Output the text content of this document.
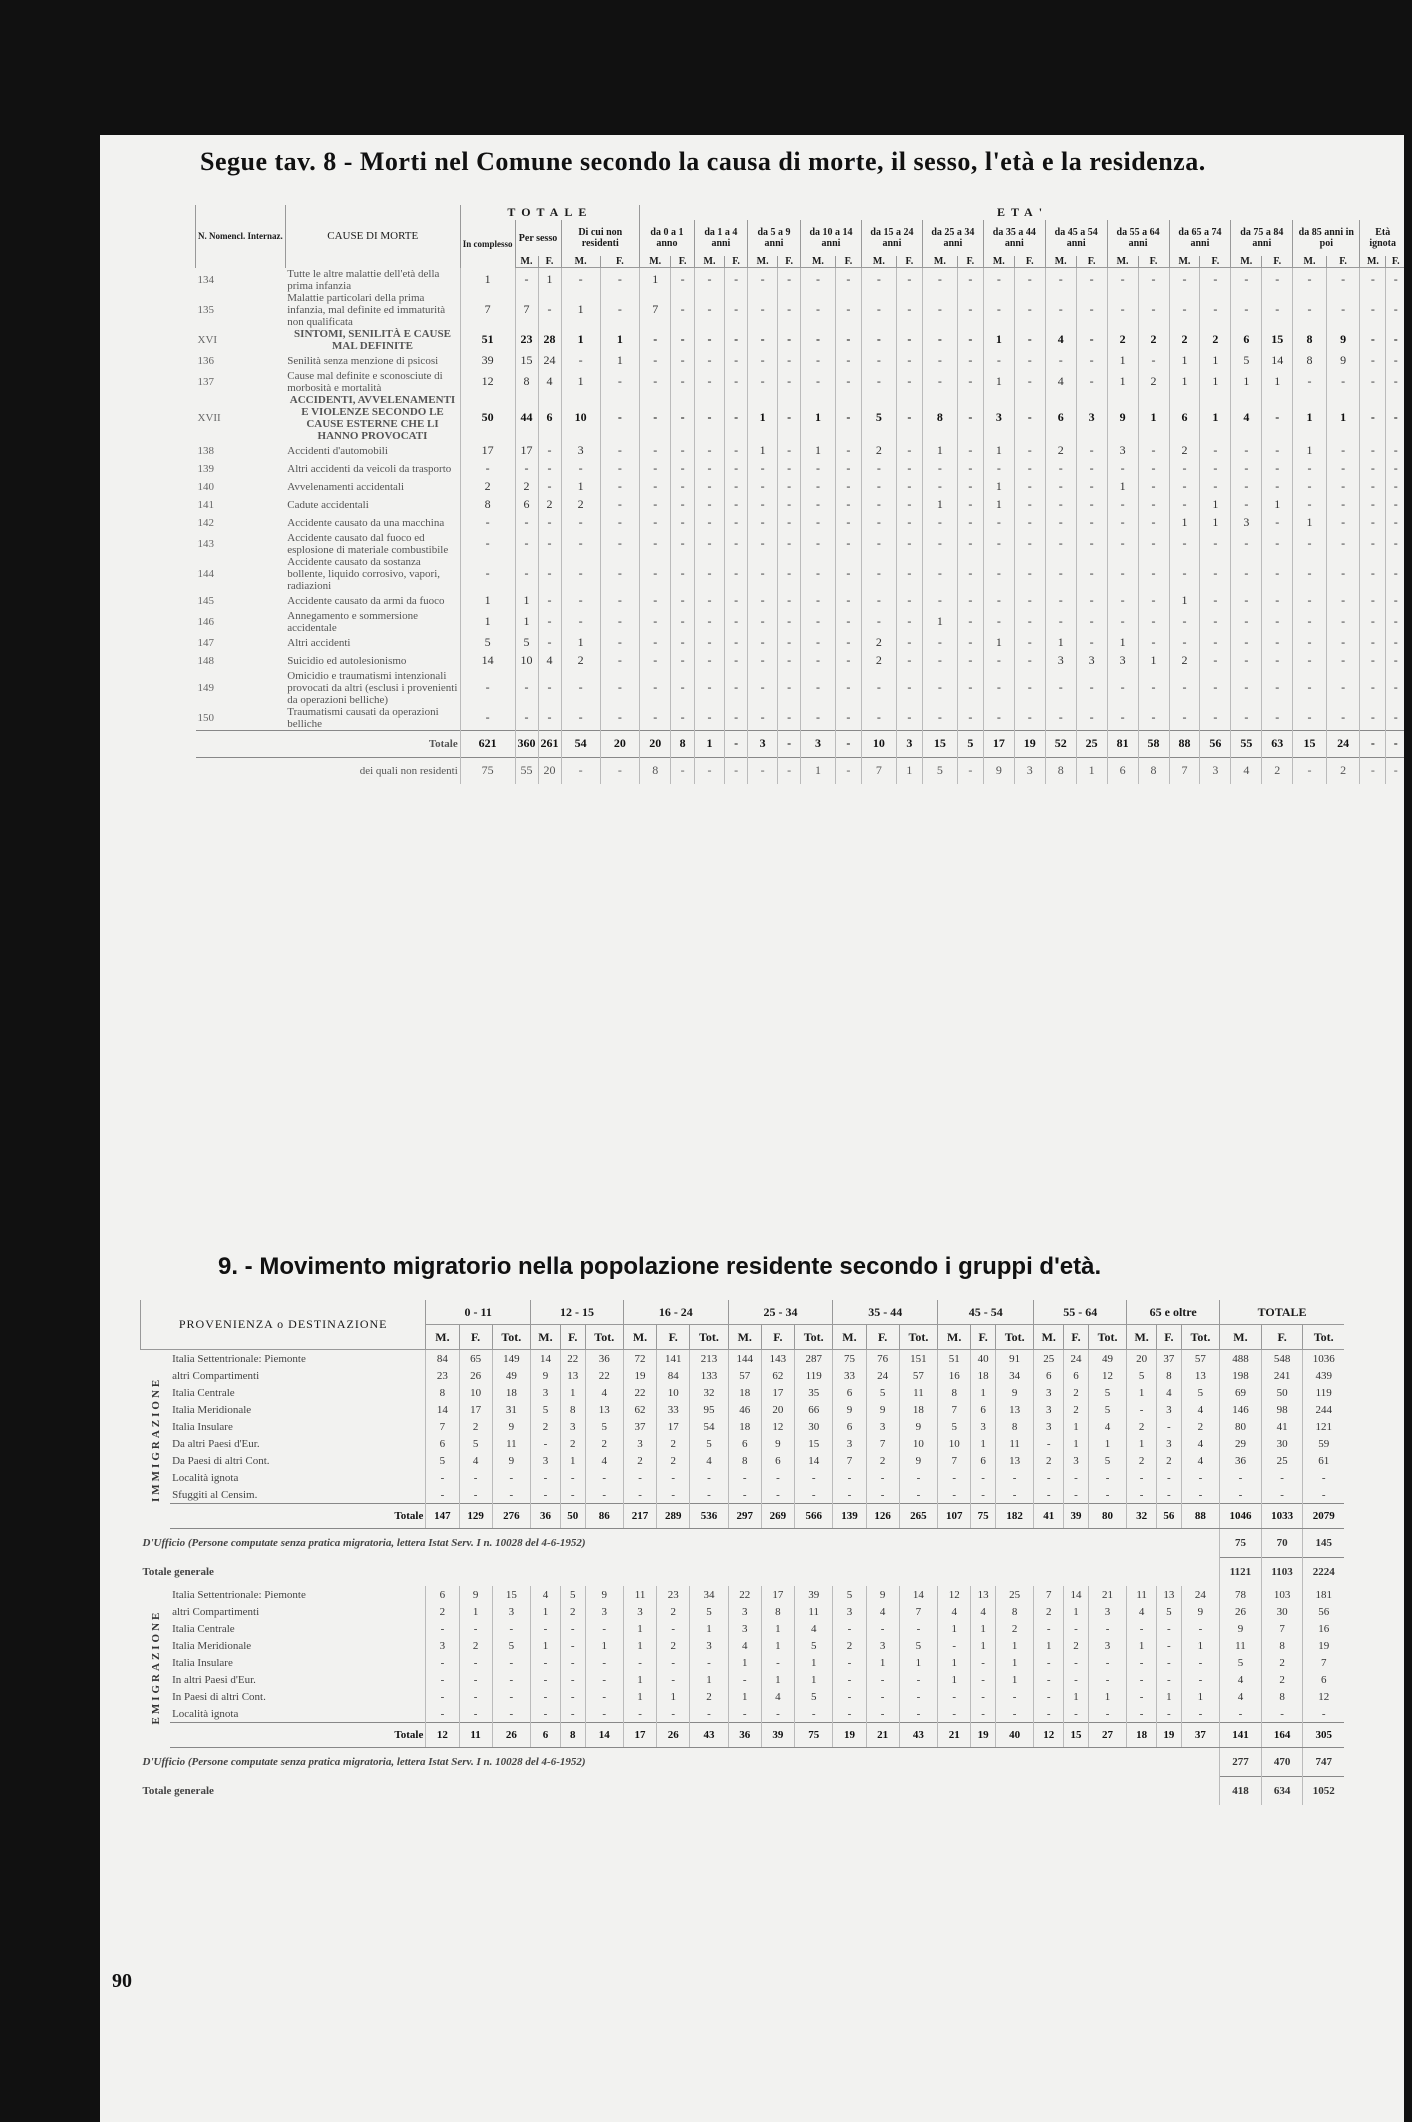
Segue tav. 8 - Morti nel Comune secondo la causa di morte, il sesso, l'età e la residenza.
N. Nomencl. Internaz.	CAUSE DI MORTE	TOTALE					ETA'																									
		In complesso	Per sesso		Di cui non residenti		da 0 a 1 anno		da 1 a 4 anni		da 5 a 9 anni		da 10 a 14 anni		da 15 a 24 anni		da 25 a 34 anni		da 35 a 44 anni		da 45 a 54 anni		da 55 a 64 anni		da 65 a 74 anni		da 75 a 84 anni		da 85 anni in poi		Età ignota	
			M.	F.	M.	F.	M.	F.	M.	F.	M.	F.	M.	F.	M.	F.	M.	F.	M.	F.	M.	F.	M.	F.	M.	F.	M.	F.	M.	F.	M.	F.
134	Tutte le altre malattie dell'età della prima infanzia	1	-	1	-	-	1	-	-	-	-	-	-	-	-	-	-	-	-	-	-	-	-	-	-	-	-	-	-	-	-	-
135	Malattie particolari della prima infanzia, mal definite ed immaturità non qualificata	7	7	-	1	-	7	-	-	-	-	-	-	-	-	-	-	-	-	-	-	-	-	-	-	-	-	-	-	-	-	-
XVI	SINTOMI, SENILITÀ E CAUSE MAL DEFINITE	51	23	28	1	1	-	-	-	-	-	-	-	-	-	-	-	-	1	-	4	-	2	2	2	2	6	15	8	9	-	-
136	Senilità senza menzione di psicosi	39	15	24	-	1	-	-	-	-	-	-	-	-	-	-	-	-	-	-	-	-	1	-	1	1	5	14	8	9	-	-
137	Cause mal definite e sconosciute di morbosità e mortalità	12	8	4	1	-	-	-	-	-	-	-	-	-	-	-	-	-	1	-	4	-	1	2	1	1	1	1	-	-	-	-
XVII	ACCIDENTI, AVVELENAMENTI E VIOLENZE SECONDO LE CAUSE ESTERNE CHE LI HANNO PROVOCATI	50	44	6	10	-	-	-	-	-	1	-	1	-	5	-	8	-	3	-	6	3	9	1	6	1	4	-	1	1	-	-
138	Accidenti d'automobili	17	17	-	3	-	-	-	-	-	1	-	1	-	2	-	1	-	1	-	2	-	3	-	2	-	-	-	1	-	-	-
139	Altri accidenti da veicoli da trasporto	-	-	-	-	-	-	-	-	-	-	-	-	-	-	-	-	-	-	-	-	-	-	-	-	-	-	-	-	-	-	-
140	Avvelenamenti accidentali	2	2	-	1	-	-	-	-	-	-	-	-	-	-	-	-	-	1	-	-	-	1	-	-	-	-	-	-	-	-	-
141	Cadute accidentali	8	6	2	2	-	-	-	-	-	-	-	-	-	-	-	1	-	1	-	-	-	-	-	-	1	-	1	-	-	-	-
142	Accidente causato da una macchina	-	-	-	-	-	-	-	-	-	-	-	-	-	-	-	-	-	-	-	-	-	-	-	1	1	3	-	1	-	-	-
143	Accidente causato dal fuoco ed esplosione di materiale combustibile	-	-	-	-	-	-	-	-	-	-	-	-	-	-	-	-	-	-	-	-	-	-	-	-	-	-	-	-	-	-	-
144	Accidente causato da sostanza bollente, liquido corrosivo, vapori, radiazioni	-	-	-	-	-	-	-	-	-	-	-	-	-	-	-	-	-	-	-	-	-	-	-	-	-	-	-	-	-	-	-
145	Accidente causato da armi da fuoco	1	1	-	-	-	-	-	-	-	-	-	-	-	-	-	-	-	-	-	-	-	-	-	1	-	-	-	-	-	-	-
146	Annegamento e sommersione accidentale	1	1	-	-	-	-	-	-	-	-	-	-	-	-	-	1	-	-	-	-	-	-	-	-	-	-	-	-	-	-	-
147	Altri accidenti	5	5	-	1	-	-	-	-	-	-	-	-	-	2	-	-	-	1	-	1	-	1	-	-	-	-	-	-	-	-	-
148	Suicidio ed autolesionismo	14	10	4	2	-	-	-	-	-	-	-	-	-	2	-	-	-	-	-	3	3	3	1	2	-	-	-	-	-	-	-
149	Omicidio e traumatismi intenzionali provocati da altri (esclusi i provenienti da operazioni belliche)	-	-	-	-	-	-	-	-	-	-	-	-	-	-	-	-	-	-	-	-	-	-	-	-	-	-	-	-	-	-	-
150	Traumatismi causati da operazioni belliche	-	-	-	-	-	-	-	-	-	-	-	-	-	-	-	-	-	-	-	-	-	-	-	-	-	-	-	-	-	-	-
	Totale	621	360	261	54	20	20	8	1	-	3	-	3	-	10	3	15	5	17	19	52	25	81	58	88	56	55	63	15	24	-	-
	dei quali non residenti	75	55	20	-	-	8	-	-	-	-	-	1	-	7	1	5	-	9	3	8	1	6	8	7	3	4	2	-	2	-	-
9. - Movimento migratorio nella popolazione residente secondo i gruppi d'età.
PROVENIENZA o DESTINAZIONE		0 - 11			12 - 15			16 - 24			25 - 34			35 - 44			45 - 54			55 - 64			65 e oltre			TOTALE		
		M.	F.	Tot.	M.	F.	Tot.	M.	F.	Tot.	M.	F.	Tot.	M.	F.	Tot.	M.	F.	Tot.	M.	F.	Tot.	M.	F.	Tot.	M.	F.	Tot.
IMMIGRAZIONE	Italia Settentrionale: Piemonte	84	65	149	14	22	36	72	141	213	144	143	287	75	76	151	51	40	91	25	24	49	20	37	57	488	548	1036
	altri Compartimenti	23	26	49	9	13	22	19	84	133	57	62	119	33	24	57	16	18	34	6	6	12	5	8	13	198	241	439
	Italia Centrale	8	10	18	3	1	4	22	10	32	18	17	35	6	5	11	8	1	9	3	2	5	1	4	5	69	50	119
	Italia Meridionale	14	17	31	5	8	13	62	33	95	46	20	66	9	9	18	7	6	13	3	2	5	-	3	4	146	98	244
	Italia Insulare	7	2	9	2	3	5	37	17	54	18	12	30	6	3	9	5	3	8	3	1	4	2	-	2	80	41	121
	Da altri Paesi d'Eur.	6	5	11	-	2	2	3	2	5	6	9	15	3	7	10	10	1	11	-	1	1	1	3	4	29	30	59
	Da Paesi di altri Cont.	5	4	9	3	1	4	2	2	4	8	6	14	7	2	9	7	6	13	2	3	5	2	2	4	36	25	61
	Località ignota	-	-	-	-	-	-	-	-	-	-	-	-	-	-	-	-	-	-	-	-	-	-	-	-	-	-	-
	Sfuggiti al Censim.	-	-	-	-	-	-	-	-	-	-	-	-	-	-	-	-	-	-	-	-	-	-	-	-	-	-	-
	Totale	147	129	276	36	50	86	217	289	536	297	269	566	139	126	265	107	75	182	41	39	80	32	56	88	1046	1033	2079
D'Ufficio (Persone computate senza pratica migratoria, lettera Istat Serv. I n. 10028 del 4-6-1952)																										75	70	145
Totale generale																										1121	1103	2224
EMIGRAZIONE	Italia Settentrionale: Piemonte	6	9	15	4	5	9	11	23	34	22	17	39	5	9	14	12	13	25	7	14	21	11	13	24	78	103	181
	altri Compartimenti	2	1	3	1	2	3	3	2	5	3	8	11	3	4	7	4	4	8	2	1	3	4	5	9	26	30	56
	Italia Centrale	-	-	-	-	-	-	1	-	1	3	1	4	-	-	-	1	1	2	-	-	-	-	-	-	9	7	16
	Italia Meridionale	3	2	5	1	-	1	1	2	3	4	1	5	2	3	5	-	1	1	1	2	3	1	-	1	11	8	19
	Italia Insulare	-	-	-	-	-	-	-	-	-	1	-	1	-	1	1	1	-	1	-	-	-	-	-	-	5	2	7
	In altri Paesi d'Eur.	-	-	-	-	-	-	1	-	1	-	1	1	-	-	-	1	-	1	-	-	-	-	-	-	4	2	6
	In Paesi di altri Cont.	-	-	-	-	-	-	1	1	2	1	4	5	-	-	-	-	-	-	-	1	1	-	1	1	4	8	12
	Località ignota	-	-	-	-	-	-	-	-	-	-	-	-	-	-	-	-	-	-	-	-	-	-	-	-	-	-	-
	Totale	12	11	26	6	8	14	17	26	43	36	39	75	19	21	43	21	19	40	12	15	27	18	19	37	141	164	305
D'Ufficio (Persone computate senza pratica migratoria, lettera Istat Serv. I n. 10028 del 4-6-1952)																										277	470	747
Totale generale																										418	634	1052
90
